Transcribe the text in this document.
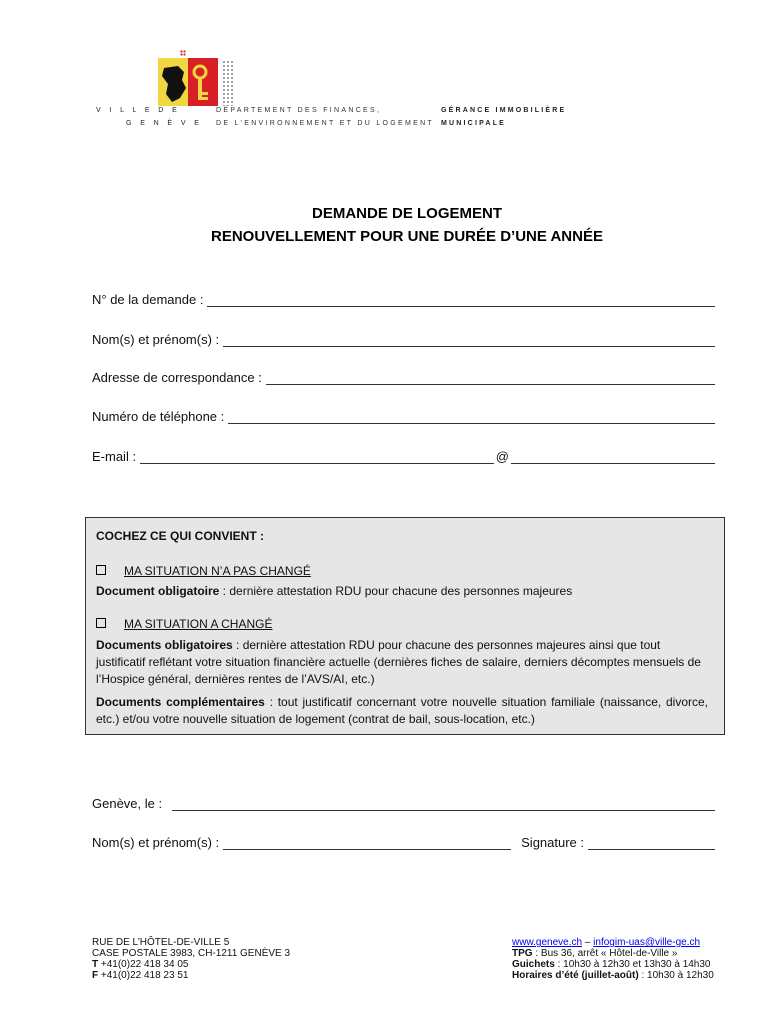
V I L L E D E
G E N È V E
DÉPARTEMENT DES FINANCES,
DE L’ENVIRONNEMENT ET DU LOGEMENT
GÉRANCE IMMOBILIÈRE
MUNICIPALE
DEMANDE DE LOGEMENT
RENOUVELLEMENT POUR UNE DURÉE D’UNE ANNÉE
N° de la demande :
Nom(s) et prénom(s) :
Adresse de correspondance :
Numéro de téléphone :
E-mail :	@

COCHEZ CE QUI CONVIENT :

MA SITUATION N’A PAS CHANGÉ

Document obligatoire : dernière attestation RDU pour chacune des personnes majeures

MA SITUATION A CHANGÉ

Documents obligatoires : dernière attestation RDU pour chacune des personnes majeures ainsi que tout justificatif reflétant votre situation financière actuelle (dernières fiches de salaire, derniers décomptes mensuels de l’Hospice général, dernières rentes de l’AVS/AI, etc.)

Documents complémentaires : tout justificatif concernant votre nouvelle situation familiale (naissance, divorce, etc.) et/ou votre nouvelle situation de logement (contrat de bail, sous-location, etc.)

Genève, le :
Nom(s) et prénom(s) :	Signature :
RUE DE L’HÔTEL-DE-VILLE 5
CASE POSTALE 3983, CH-1211 GENÈVE 3
T +41(0)22 418 34 05
F +41(0)22 418 23 51
www.geneve.ch – infogim-uas@ville-ge.ch
TPG : Bus 36, arrêt « Hôtel-de-Ville »
Guichets : 10h30 à 12h30 et 13h30 à 14h30
Horaires d’été (juillet-août) : 10h30 à 12h30
